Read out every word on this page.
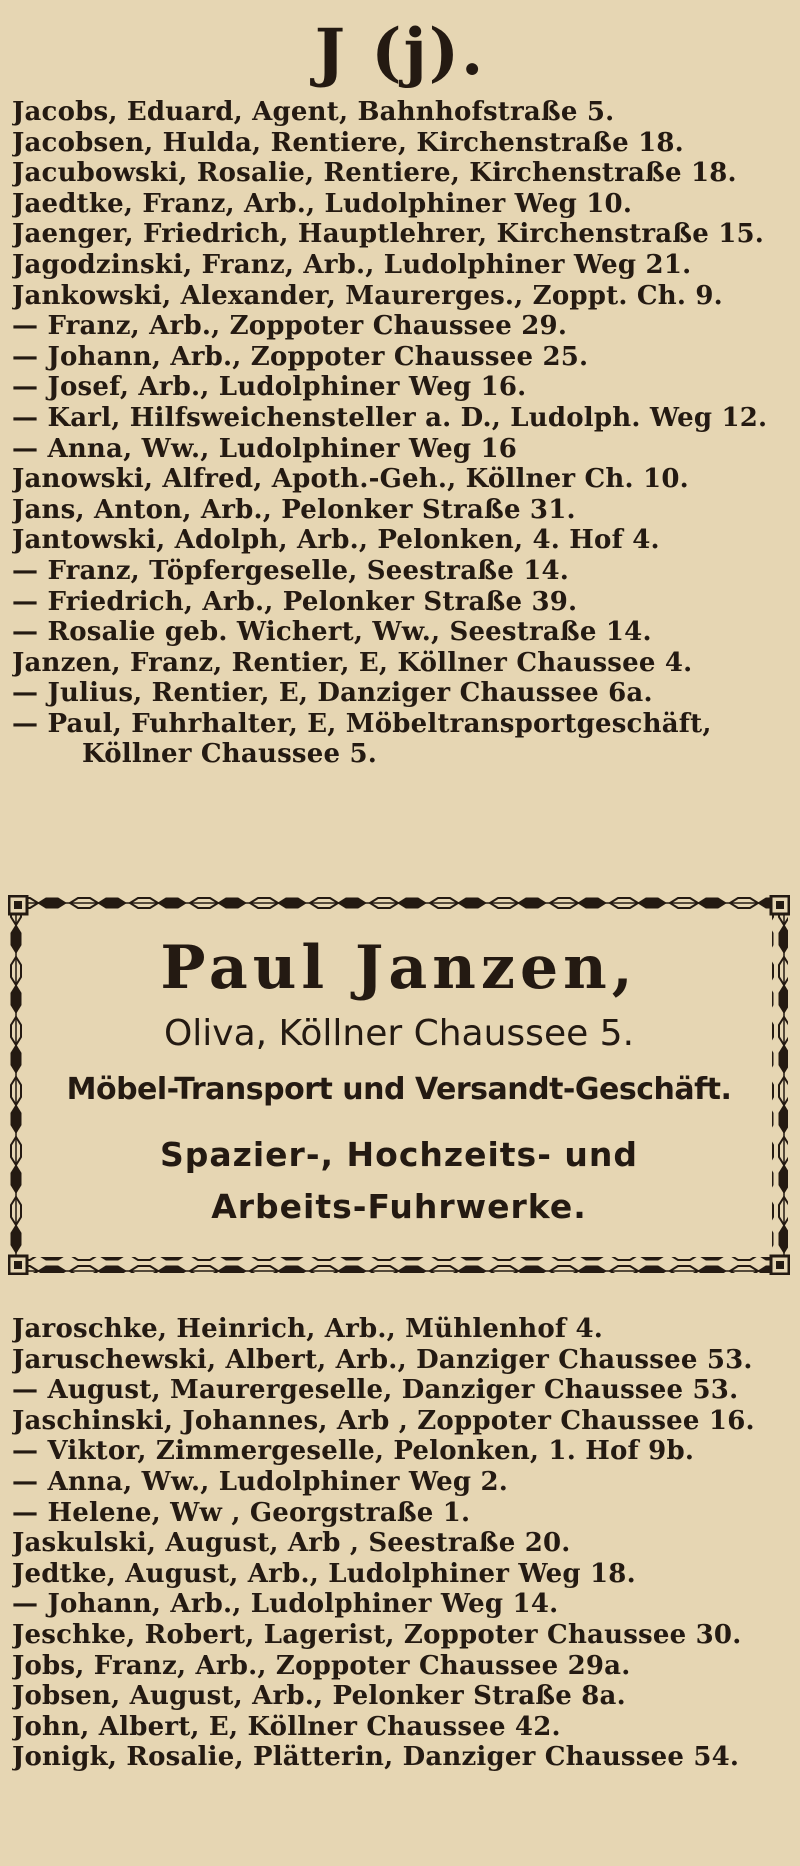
J (j).
Jacobs, Eduard, Agent, Bahnhofstraße 5.
Jacobsen, Hulda, Rentiere, Kirchenstraße 18.
Jacubowski, Rosalie, Rentiere, Kirchenstraße 18.
Jaedtke, Franz, Arb., Ludolphiner Weg 10.
Jaenger, Friedrich, Hauptlehrer, Kirchenstraße 15.
Jagodzinski, Franz, Arb., Ludolphiner Weg 21.
Jankowski, Alexander, Maurerges., Zoppt. Ch. 9.
— Franz, Arb., Zoppoter Chaussee 29.
— Johann, Arb., Zoppoter Chaussee 25.
— Josef, Arb., Ludolphiner Weg 16.
— Karl, Hilfsweichensteller a. D., Ludolph. Weg 12.
— Anna, Ww., Ludolphiner Weg 16
Janowski, Alfred, Apoth.-Geh., Köllner Ch. 10.
Jans, Anton, Arb., Pelonker Straße 31.
Jantowski, Adolph, Arb., Pelonken, 4. Hof 4.
— Franz, Töpfergeselle, Seestraße 14.
— Friedrich, Arb., Pelonker Straße 39.
— Rosalie geb. Wichert, Ww., Seestraße 14.
Janzen, Franz, Rentier, E, Köllner Chaussee 4.
— Julius, Rentier, E, Danziger Chaussee 6a.
— Paul, Fuhrhalter, E, Möbeltransportgeschäft,
Köllner Chaussee 5.
Paul Janzen,
Oliva, Köllner Chaussee 5.
Möbel-Transport und Versandt-Geschäft.
Spazier-, Hochzeits- und
Arbeits-Fuhrwerke.
Jaroschke, Heinrich, Arb., Mühlenhof 4.
Jaruschewski, Albert, Arb., Danziger Chaussee 53.
— August, Maurergeselle, Danziger Chaussee 53.
Jaschinski, Johannes, Arb , Zoppoter Chaussee 16.
— Viktor, Zimmergeselle, Pelonken, 1. Hof 9b.
— Anna, Ww., Ludolphiner Weg 2.
— Helene, Ww , Georgstraße 1.
Jaskulski, August, Arb , Seestraße 20.
Jedtke, August, Arb., Ludolphiner Weg 18.
— Johann, Arb., Ludolphiner Weg 14.
Jeschke, Robert, Lagerist, Zoppoter Chaussee 30.
Jobs, Franz, Arb., Zoppoter Chaussee 29a.
Jobsen, August, Arb., Pelonker Straße 8a.
John, Albert, E, Köllner Chaussee 42.
Jonigk, Rosalie, Plätterin, Danziger Chaussee 54.
